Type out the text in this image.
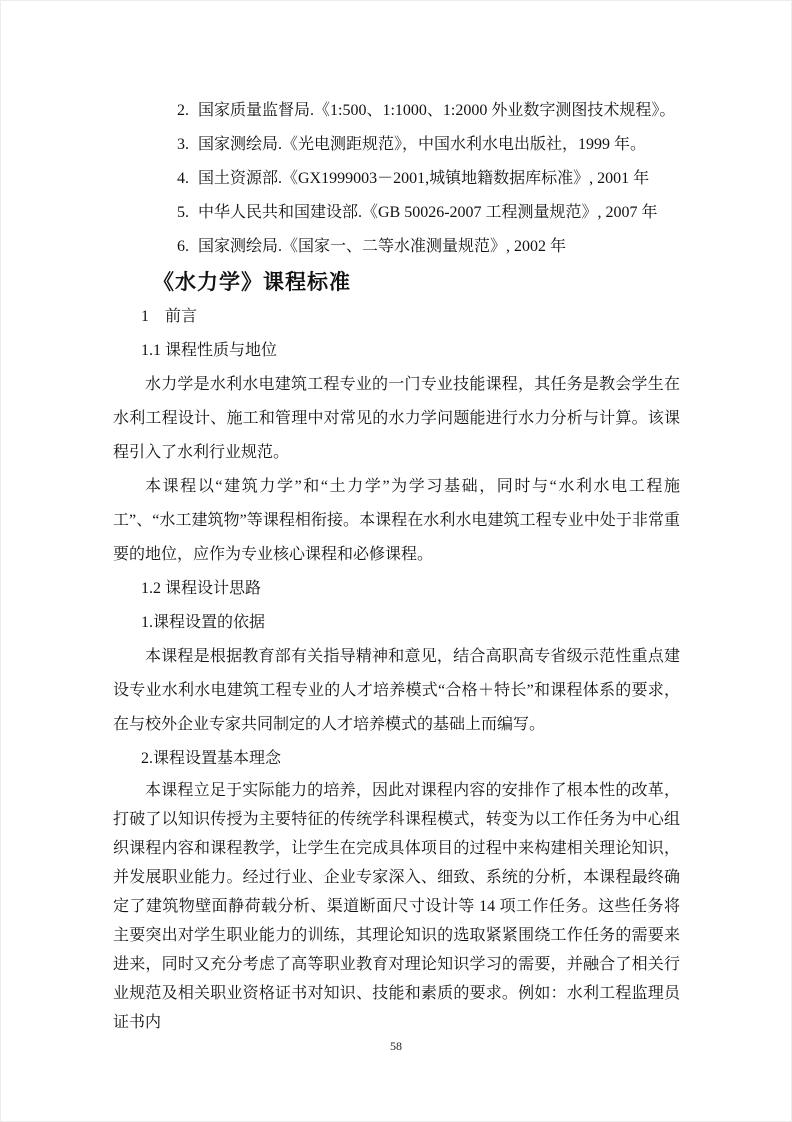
2. 国家质量监督局.《1:500、1:1000、1:2000 外业数字测图技术规程》。
3. 国家测绘局.《光电测距规范》，中国水利水电出版社，1999 年。
4. 国土资源部.《GX1999003－2001,城镇地籍数据库标准》, 2001 年
5. 中华人民共和国建设部.《GB 50026-2007 工程测量规范》, 2007 年
6. 国家测绘局.《国家一、二等水准测量规范》, 2002 年
《水力学》课程标准
1　前言
1.1 课程性质与地位

水力学是水利水电建筑工程专业的一门专业技能课程，其任务是教会学生在水利工程设计、施工和管理中对常见的水力学问题能进行水力分析与计算。该课程引入了水利行业规范。

本课程以“建筑力学”和“土力学”为学习基础，同时与“水利水电工程施工”、“水工建筑物”等课程相衔接。本课程在水利水电建筑工程专业中处于非常重要的地位，应作为专业核心课程和必修课程。

1.2 课程设计思路
1.课程设置的依据

本课程是根据教育部有关指导精神和意见，结合高职高专省级示范性重点建设专业水利水电建筑工程专业的人才培养模式“合格＋特长”和课程体系的要求，在与校外企业专家共同制定的人才培养模式的基础上而编写。

2.课程设置基本理念

本课程立足于实际能力的培养，因此对课程内容的安排作了根本性的改革，打破了以知识传授为主要特征的传统学科课程模式，转变为以工作任务为中心组织课程内容和课程教学，让学生在完成具体项目的过程中来构建相关理论知识，并发展职业能力。经过行业、企业专家深入、细致、系统的分析，本课程最终确定了建筑物壁面静荷载分析、渠道断面尺寸设计等 14 项工作任务。这些任务将主要突出对学生职业能力的训练，其理论知识的选取紧紧围绕工作任务的需要来进来，同时又充分考虑了高等职业教育对理论知识学习的需要，并融合了相关行业规范及相关职业资格证书对知识、技能和素质的要求。例如：水利工程监理员证书内

58
